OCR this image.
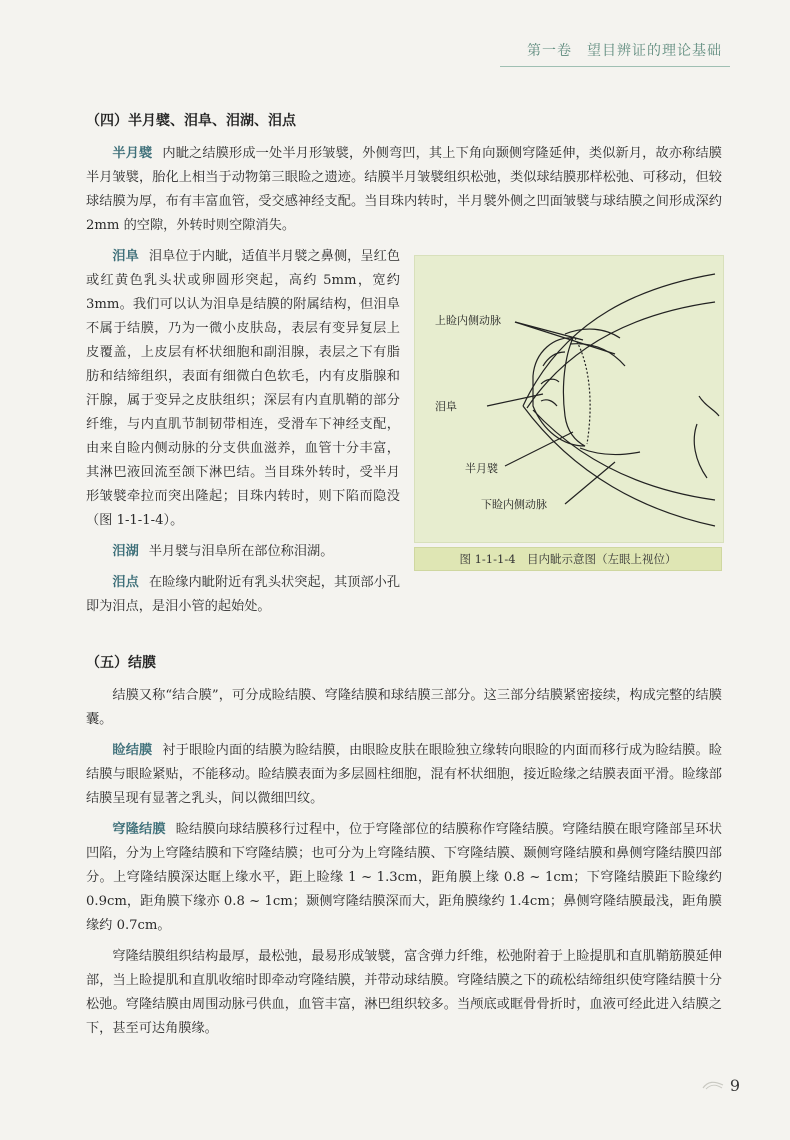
第一卷　望目辨证的理论基础
（四）半月襞、泪阜、泪湖、泪点

半月襞 内眦之结膜形成一处半月形皱襞，外侧弯凹，其上下角向颞侧穹隆延伸，类似新月，故亦称结膜半月皱襞，胎化上相当于动物第三眼睑之遗迹。结膜半月皱襞组织松弛，类似球结膜那样松弛、可移动，但较球结膜为厚，布有丰富血管，受交感神经支配。当目珠内转时，半月襞外侧之凹面皱襞与球结膜之间形成深约 2mm 的空隙，外转时则空隙消失。

上睑内侧动脉
泪阜
半月襞
下睑内侧动脉
图 1-1-1-4　目内眦示意图（左眼上视位）

泪阜 泪阜位于内眦，适值半月襞之鼻侧，呈红色或红黄色乳头状或卵圆形突起，高约 5mm，宽约 3mm。我们可以认为泪阜是结膜的附属结构，但泪阜不属于结膜，乃为一微小皮肤岛，表层有变异复层上皮覆盖，上皮层有杯状细胞和副泪腺，表层之下有脂肪和结缔组织，表面有细微白色软毛，内有皮脂腺和汗腺，属于变异之皮肤组织；深层有内直肌鞘的部分纤维，与内直肌节制韧带相连，受滑车下神经支配，由来自睑内侧动脉的分支供血滋养，血管十分丰富，其淋巴液回流至颌下淋巴结。当目珠外转时，受半月形皱襞牵拉而突出隆起；目珠内转时，则下陷而隐没（图 1-1-1-4）。

泪湖 半月襞与泪阜所在部位称泪湖。

泪点 在睑缘内眦附近有乳头状突起，其顶部小孔即为泪点，是泪小管的起始处。

（五）结膜

结膜又称“结合膜”，可分成睑结膜、穹隆结膜和球结膜三部分。这三部分结膜紧密接续，构成完整的结膜囊。

睑结膜 衬于眼睑内面的结膜为睑结膜，由眼睑皮肤在眼睑独立缘转向眼睑的内面而移行成为睑结膜。睑结膜与眼睑紧贴，不能移动。睑结膜表面为多层圆柱细胞，混有杯状细胞，接近睑缘之结膜表面平滑。睑缘部结膜呈现有显著之乳头，间以微细凹纹。

穹隆结膜 睑结膜向球结膜移行过程中，位于穹隆部位的结膜称作穹隆结膜。穹隆结膜在眼穹隆部呈环状凹陷，分为上穹隆结膜和下穹隆结膜；也可分为上穹隆结膜、下穹隆结膜、颞侧穹隆结膜和鼻侧穹隆结膜四部分。上穹隆结膜深达眶上缘水平，距上睑缘 1 ~ 1.3cm，距角膜上缘 0.8 ~ 1cm；下穹隆结膜距下睑缘约 0.9cm，距角膜下缘亦 0.8 ~ 1cm；颞侧穹隆结膜深而大，距角膜缘约 1.4cm；鼻侧穹隆结膜最浅，距角膜缘约 0.7cm。

穹隆结膜组织结构最厚，最松弛，最易形成皱襞，富含弹力纤维，松弛附着于上睑提肌和直肌鞘筋膜延伸部，当上睑提肌和直肌收缩时即牵动穹隆结膜，并带动球结膜。穹隆结膜之下的疏松结缔组织使穹隆结膜十分松弛。穹隆结膜由周围动脉弓供血，血管丰富，淋巴组织较多。当颅底或眶骨骨折时，血液可经此进入结膜之下，甚至可达角膜缘。

9
